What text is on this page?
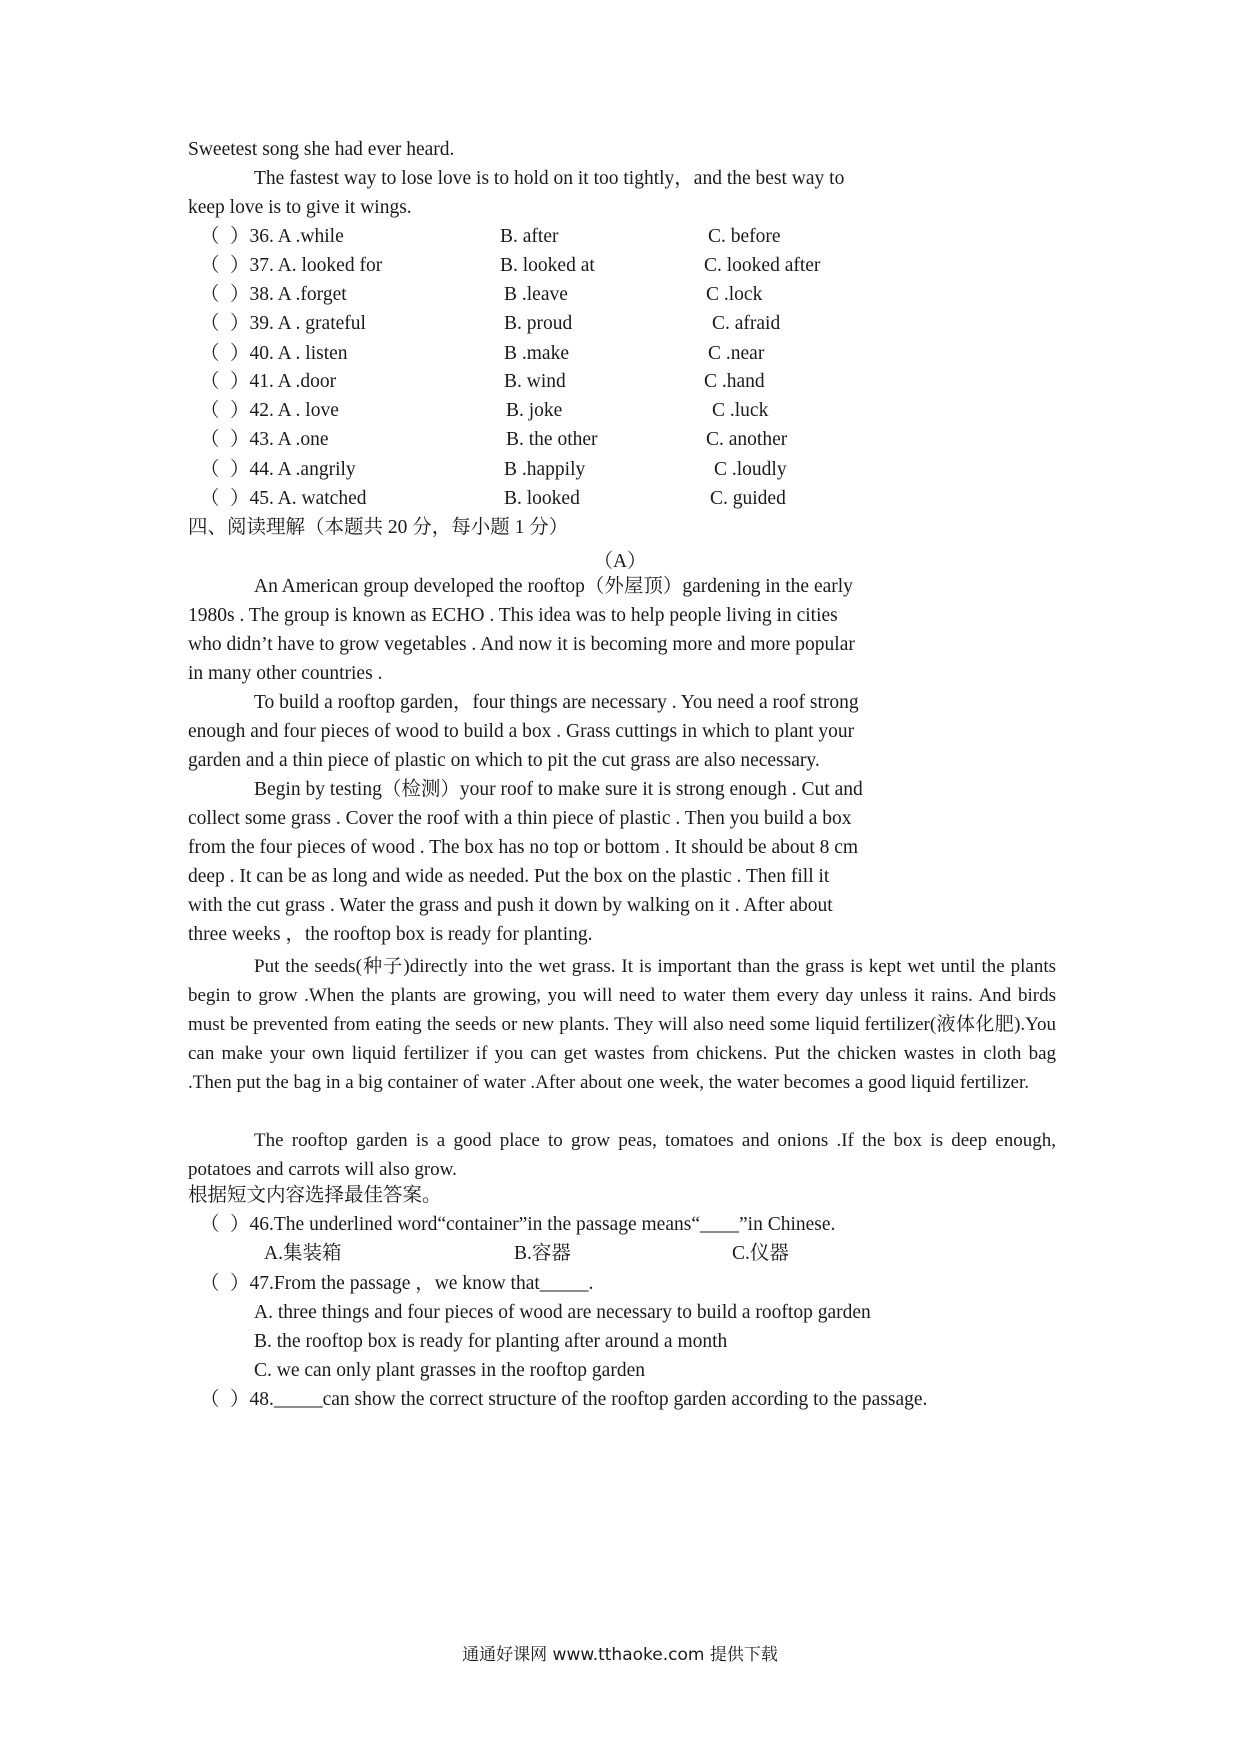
Sweetest song she had ever heard.
The fastest way to lose love is to hold on it too tightly，and the best way to
keep love is to give it wings.
（ ）36. A .while	B. after	C. before
（ ）37. A. looked for	B. looked at	C. looked after
（ ）38. A .forget	B .leave	C .lock
（ ）39. A . grateful	B. proud	C. afraid
（ ）40. A . listen	B .make	C .near
（ ）41. A .door	B. wind	C .hand
（ ）42. A . love	B. joke	C .luck
（ ）43. A .one	B. the other	C. another
（ ）44. A .angrily	B .happily	C .loudly
（ ）45. A. watched	B. looked	C. guided
四、阅读理解（本题共 20 分，每小题 1 分）
（A）
An American group developed the rooftop（外屋顶）gardening in the early
1980s . The group is known as ECHO . This idea was to help people living in cities
who didn’t have to grow vegetables . And now it is becoming more and more popular
in many other countries .
To build a rooftop garden，four things are necessary . You need a roof strong
enough and four pieces of wood to build a box . Grass cuttings in which to plant your
garden and a thin piece of plastic on which to pit the cut grass are also necessary.
Begin by testing（检测）your roof to make sure it is strong enough . Cut and
collect some grass . Cover the roof with a thin piece of plastic . Then you build a box
from the four pieces of wood . The box has no top or bottom . It should be about 8 cm
deep . It can be as long and wide as needed. Put the box on the plastic . Then fill it
with the cut grass . Water the grass and push it down by walking on it . After about
three weeks ，the rooftop box is ready for planting.
Put the seeds(种子)directly into the wet grass. It is important than the grass is kept wet until the plants begin to grow .When the plants are growing, you will need to water them every day unless it rains. And birds must be prevented from eating the seeds or new plants. They will also need some liquid fertilizer(液体化肥).You can make your own liquid fertilizer if you can get wastes from chickens. Put the chicken wastes in cloth bag .Then put the bag in a big container of water .After about one week, the water becomes a good liquid fertilizer.
The rooftop garden is a good place to grow peas, tomatoes and onions .If the box is deep enough, potatoes and carrots will also grow.
根据短文内容选择最佳答案。
（ ）46.The underlined word“container”in the passage means“____”in Chinese.
A.集装箱	B.容器	C.仪器
（ ）47.From the passage ，we know that_____.
A. three things and four pieces of wood are necessary to build a rooftop garden
B. the rooftop box is ready for planting after around a month
C. we can only plant grasses in the rooftop garden
（ ）48._____can show the correct structure of the rooftop garden according to the passage.
通通好课网 www.tthaoke.com 提供下载
